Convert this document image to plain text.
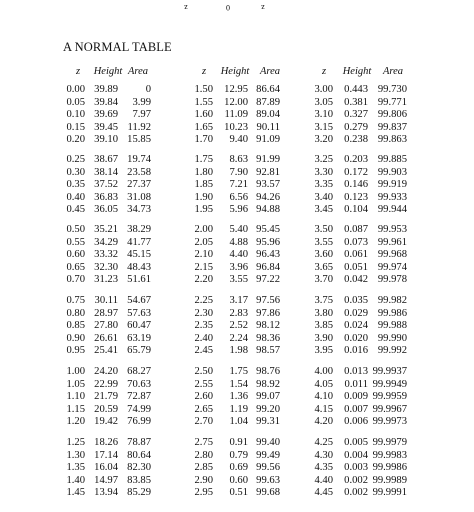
z	0	z
A NORMAL TABLE
z Height Area
0.00 39.89	0
0.05 39.84 3.99
0.10 39.69 7.97
0.15 39.45 11.92
0.20 39.10 15.85
0.25 38.67 19.74
0.30 38.14 23.58
0.35 37.52 27.37
0.40 36.83 31.08
0.45 36.05 34.73
0.50 35.21 38.29
0.55 34.29 41.77
0.60 33.32 45.15
0.65 32.30 48.43
0.70 31.23 51.61
0.75 30.11 54.67
0.80 28.97 57.63
0.85 27.80 60.47
0.90 26.61 63.19
0.95 25.41 65.79
1.00 24.20 68.27
1.05 22.99 70.63
1.10 21.79 72.87
1.15 20.59 74.99
1.20 19.42 76.99
1.25 18.26 78.87
1.30 17.14 80.64
1.35 16.04 82.30
1.40 14.97 83.85
1.45 13.94 85.29
z Height Area
1.50 12.95 86.64
1.55 12.00 87.89
1.60 11.09 89.04
1.65 10.23 90.11
1.70 9.40 91.09
1.75 8.63 91.99
1.80 7.90 92.81
1.85 7.21 93.57
1.90 6.56 94.26
1.95 5.96 94.88
2.00 5.40 95.45
2.05 4.88 95.96
2.10 4.40 96.43
2.15 3.96 96.84
2.20 3.55 97.22
2.25 3.17 97.56
2.30 2.83 97.86
2.35 2.52 98.12
2.40 2.24 98.36
2.45 1.98 98.57
2.50 1.75 98.76
2.55 1.54 98.92
2.60 1.36 99.07
2.65 1.19 99.20
2.70 1.04 99.31
2.75 0.91 99.40
2.80 0.79 99.49
2.85 0.69 99.56
2.90 0.60 99.63
2.95 0.51 99.68
z Height Area
3.00 0.443 99.730
3.05 0.381 99.771
3.10 0.327 99.806
3.15 0.279 99.837
3.20 0.238 99.863
3.25 0.203 99.885
3.30 0.172 99.903
3.35 0.146 99.919
3.40 0.123 99.933
3.45 0.104 99.944
3.50 0.087 99.953
3.55 0.073 99.961
3.60 0.061 99.968
3.65 0.051 99.974
3.70 0.042 99.978
3.75 0.035 99.982
3.80 0.029 99.986
3.85 0.024 99.988
3.90 0.020 99.990
3.95 0.016 99.992
4.00 0.013 99.9937
4.05 0.011 99.9949
4.10 0.009 99.9959
4.15 0.007 99.9967
4.20 0.006 99.9973
4.25 0.005 99.9979
4.30 0.004 99.9983
4.35 0.003 99.9986
4.40 0.002 99.9989
4.45 0.002 99.9991
